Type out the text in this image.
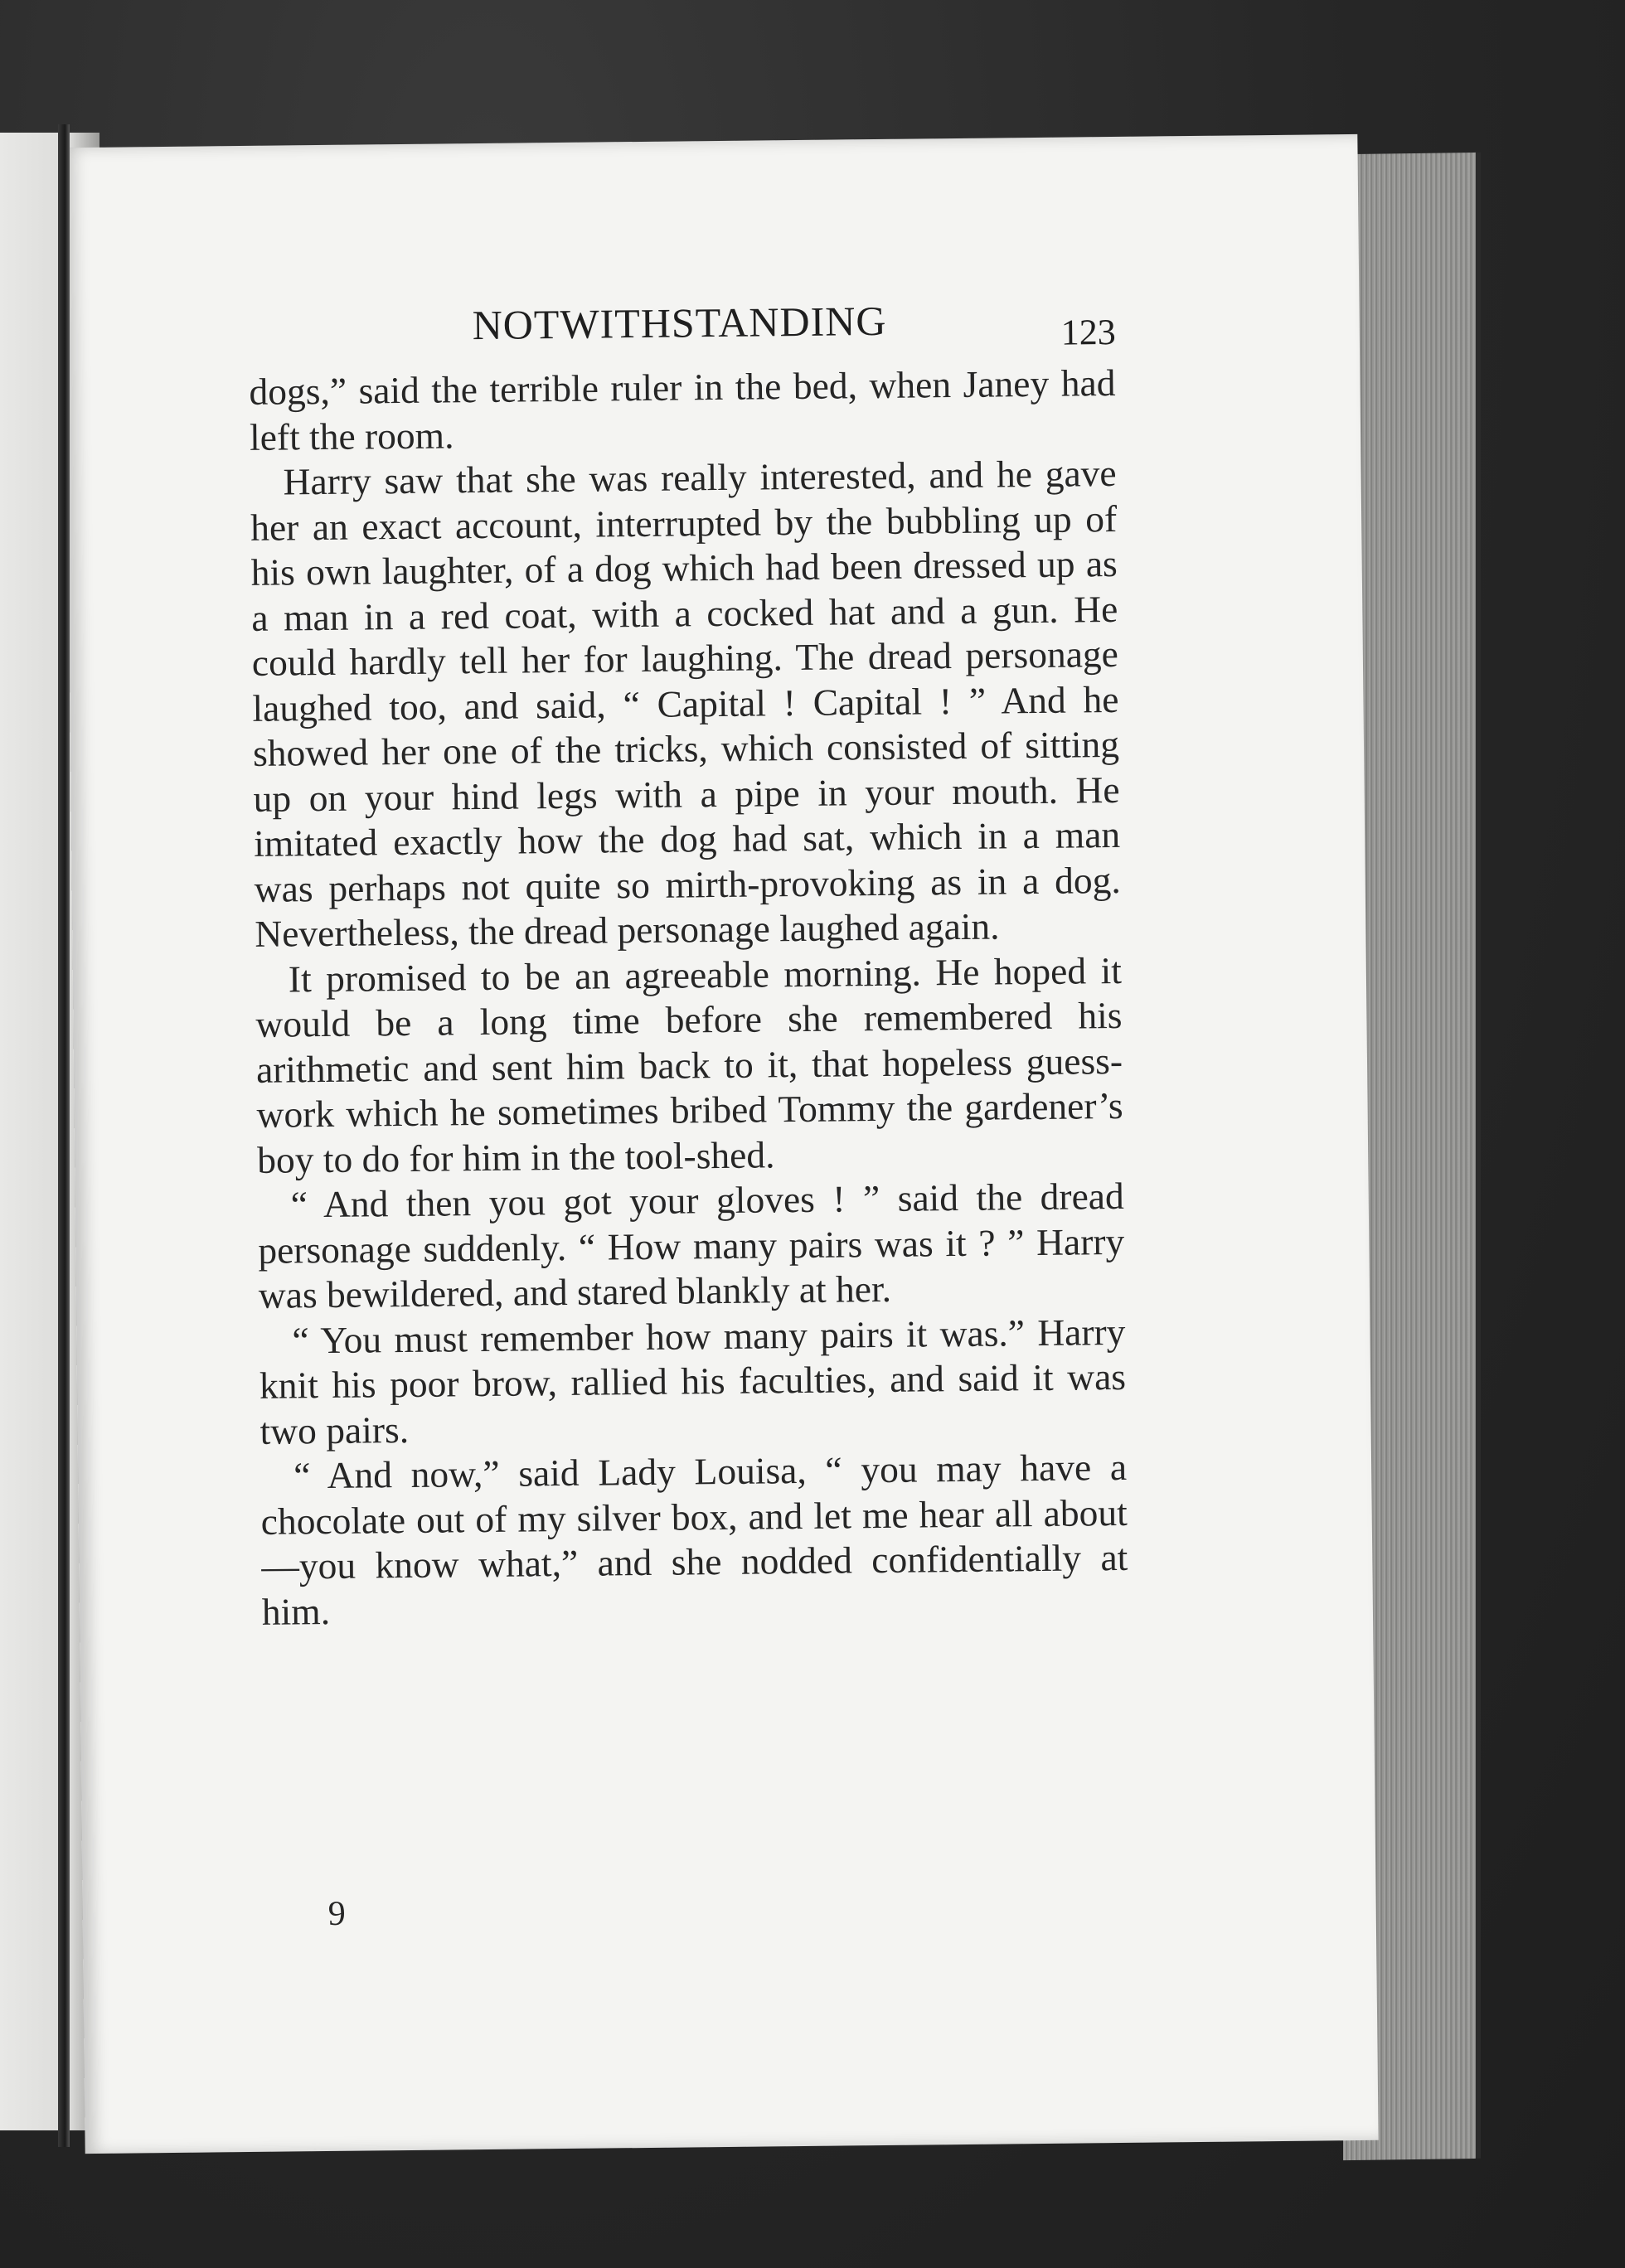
NOTWITHSTANDING	123

dogs,” said the terrible ruler in the bed, when Janey had left the room.

Harry saw that she was really interested, and he gave her an exact account, interrupted by the bubbling up of his own laughter, of a dog which had been dressed up as a man in a red coat, with a cocked hat and a gun. He could hardly tell her for laughing. The dread personage laughed too, and said, “ Capital ! Capital ! ” And he showed her one of the tricks, which consisted of sitting up on your hind legs with a pipe in your mouth. He imitated exactly how the dog had sat, which in a man was perhaps not quite so mirth-provoking as in a dog. Nevertheless, the dread personage laughed again.

It promised to be an agreeable morning. He hoped it would be a long time before she remembered his arithmetic and sent him back to it, that hopeless guess-work which he sometimes bribed Tommy the gardener’s boy to do for him in the tool-shed.

“ And then you got your gloves ! ” said the dread personage suddenly. “ How many pairs was it ? ” Harry was bewildered, and stared blankly at her.

“ You must remember how many pairs it was.” Harry knit his poor brow, rallied his faculties, and said it was two pairs.

“ And now,” said Lady Louisa, “ you may have a chocolate out of my silver box, and let me hear all about—you know what,” and she nodded confidentially at him.

9
